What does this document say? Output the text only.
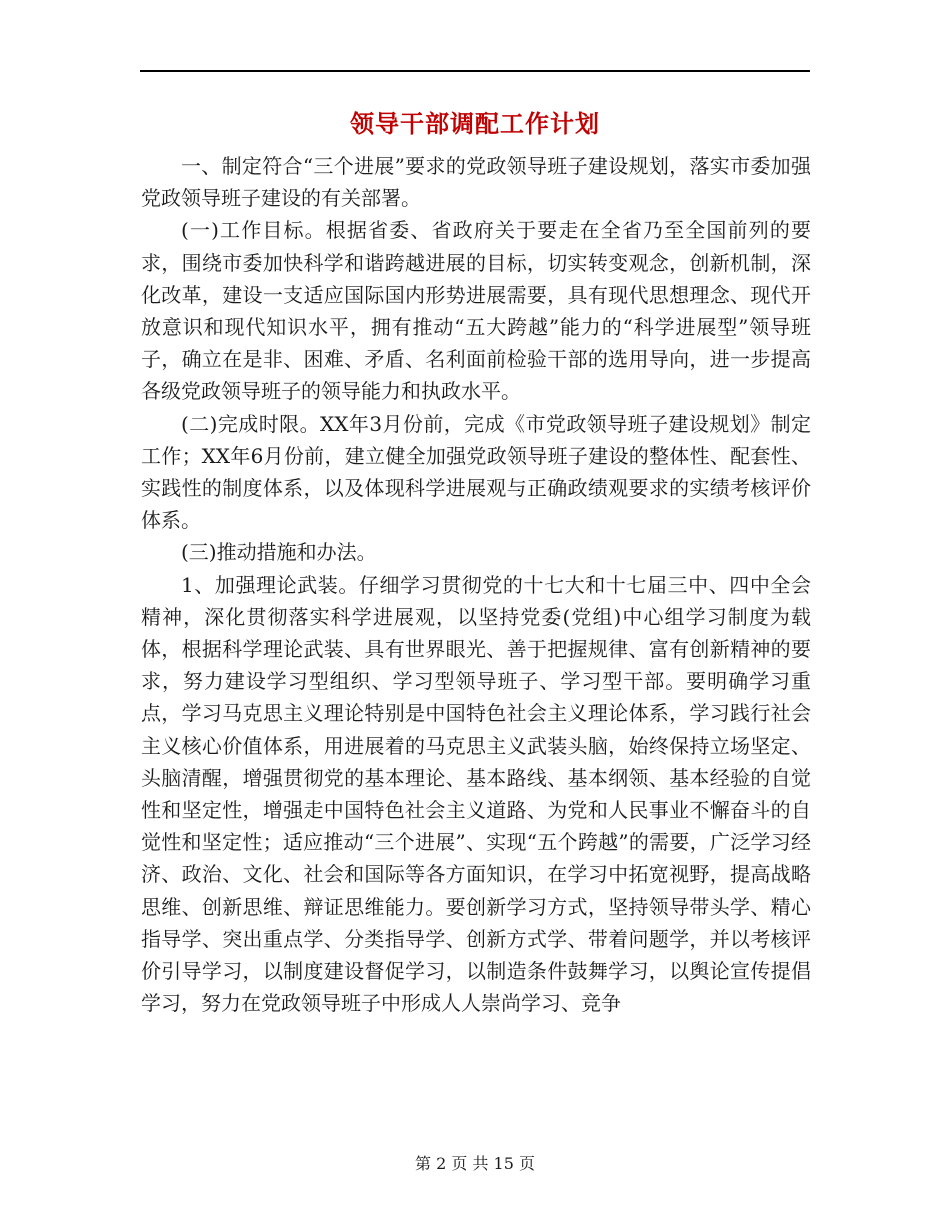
领导干部调配工作计划

一、制定符合“三个进展”要求的党政领导班子建设规划，落实市委加强党政领导班子建设的有关部署。

(一)工作目标。根据省委、省政府关于要走在全省乃至全国前列的要求，围绕市委加快科学和谐跨越进展的目标，切实转变观念，创新机制，深化改革，建设一支适应国际国内形势进展需要，具有现代思想理念、现代开放意识和现代知识水平，拥有推动“五大跨越”能力的“科学进展型”领导班子，确立在是非、困难、矛盾、名利面前检验干部的选用导向，进一步提高各级党政领导班子的领导能力和执政水平。

(二)完成时限。XX年3月份前，完成《市党政领导班子建设规划》制定工作；XX年6月份前，建立健全加强党政领导班子建设的整体性、配套性、实践性的制度体系，以及体现科学进展观与正确政绩观要求的实绩考核评价体系。

(三)推动措施和办法。

1、加强理论武装。仔细学习贯彻党的十七大和十七届三中、四中全会精神，深化贯彻落实科学进展观，以坚持党委(党组)中心组学习制度为载体，根据科学理论武装、具有世界眼光、善于把握规律、富有创新精神的要求，努力建设学习型组织、学习型领导班子、学习型干部。要明确学习重点，学习马克思主义理论特别是中国特色社会主义理论体系，学习践行社会主义核心价值体系，用进展着的马克思主义武装头脑，始终保持立场坚定、头脑清醒，增强贯彻党的基本理论、基本路线、基本纲领、基本经验的自觉性和坚定性，增强走中国特色社会主义道路、为党和人民事业不懈奋斗的自觉性和坚定性；适应推动“三个进展”、实现“五个跨越”的需要，广泛学习经济、政治、文化、社会和国际等各方面知识，在学习中拓宽视野，提高战略思维、创新思维、辩证思维能力。要创新学习方式，坚持领导带头学、精心指导学、突出重点学、分类指导学、创新方式学、带着问题学，并以考核评价引导学习，以制度建设督促学习，以制造条件鼓舞学习，以舆论宣传提倡学习，努力在党政领导班子中形成人人崇尚学习、竞争

第 2 页 共 15 页
